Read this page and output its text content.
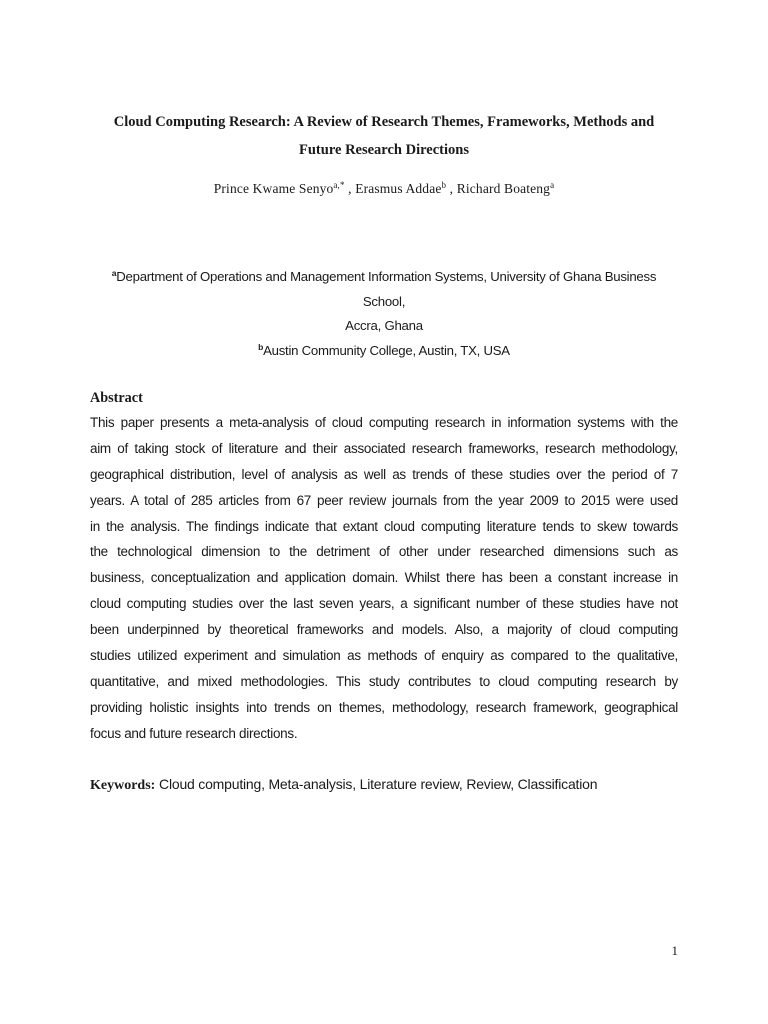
Cloud Computing Research: A Review of Research Themes, Frameworks, Methods and
Future Research Directions
Prince Kwame Senyo$^{a,*}$ , Erasmus Addae$^b$ , Richard Boateng$^a$
$^a$Department of Operations and Management Information Systems, University of Ghana Business School,
Accra, Ghana
$^b$Austin Community College, Austin, TX, USA
Abstract
This paper presents a meta-analysis of cloud computing research in information systems with the
aim of taking stock of literature and their associated research frameworks, research methodology,
geographical distribution, level of analysis as well as trends of these studies over the period of 7
years. A total of 285 articles from 67 peer review journals from the year 2009 to 2015 were used
in the analysis. The findings indicate that extant cloud computing literature tends to skew towards
the technological dimension to the detriment of other under researched dimensions such as
business, conceptualization and application domain. Whilst there has been a constant increase in
cloud computing studies over the last seven years, a significant number of these studies have not
been underpinned by theoretical frameworks and models. Also, a majority of cloud computing
studies utilized experiment and simulation as methods of enquiry as compared to the qualitative,
quantitative, and mixed methodologies. This study contributes to cloud computing research by
providing holistic insights into trends on themes, methodology, research framework, geographical
focus and future research directions.
Keywords: Cloud computing, Meta-analysis, Literature review, Review, Classification
1
